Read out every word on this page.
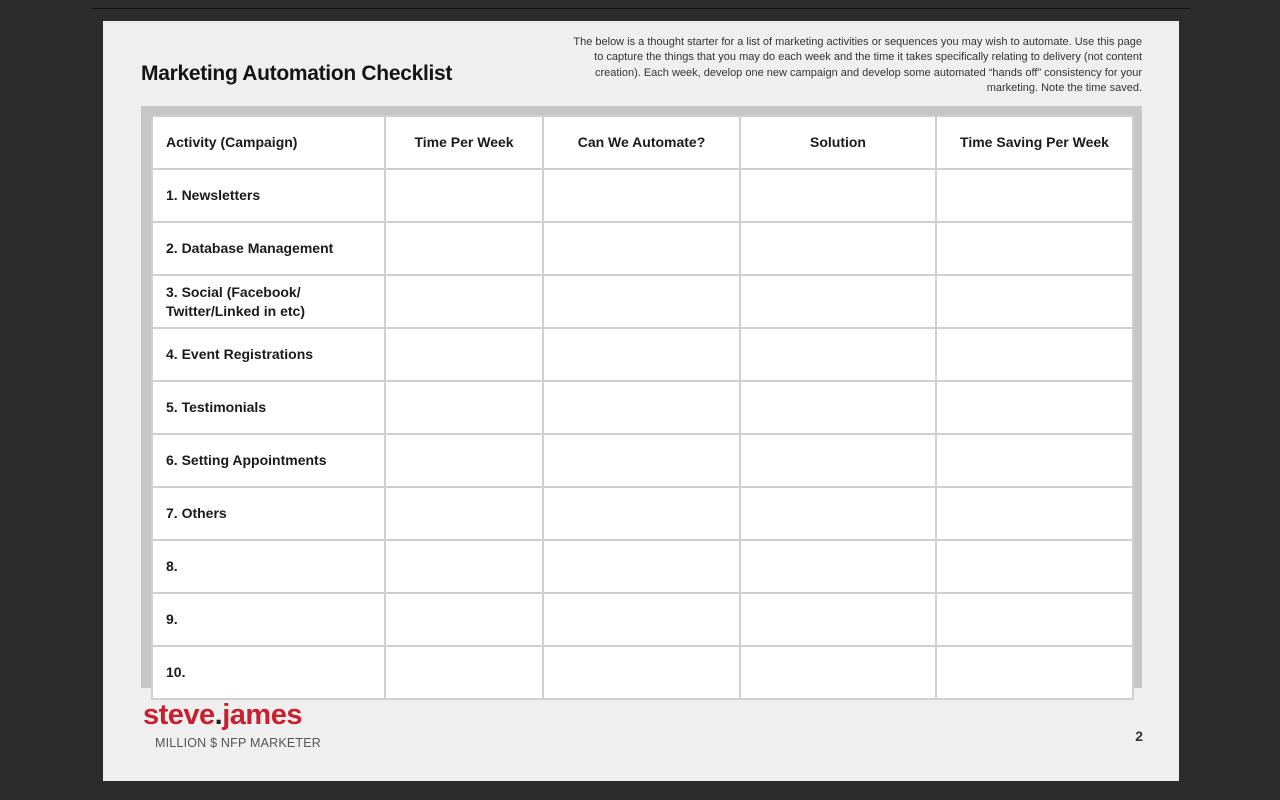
Marketing Automation Checklist

The below is a thought starter for a list of marketing activities or sequences you may wish to automate. Use this page to capture the things that you may do each week and the time it takes specifically relating to delivery (not content creation). Each week, develop one new campaign and develop some automated “hands off” consistency for your marketing. Note the time saved.

Activity (Campaign)	Time Per Week	Can We Automate?	Solution	Time Saving Per Week
1. Newsletters				
2. Database Management				
3. Social (Facebook/ Twitter/Linked in etc)				
4. Event Registrations				
5. Testimonials				
6. Setting Appointments				
7. Others				
8.				
9.				
10.				
steve.james
MILLION $ NFP MARKETER	2
